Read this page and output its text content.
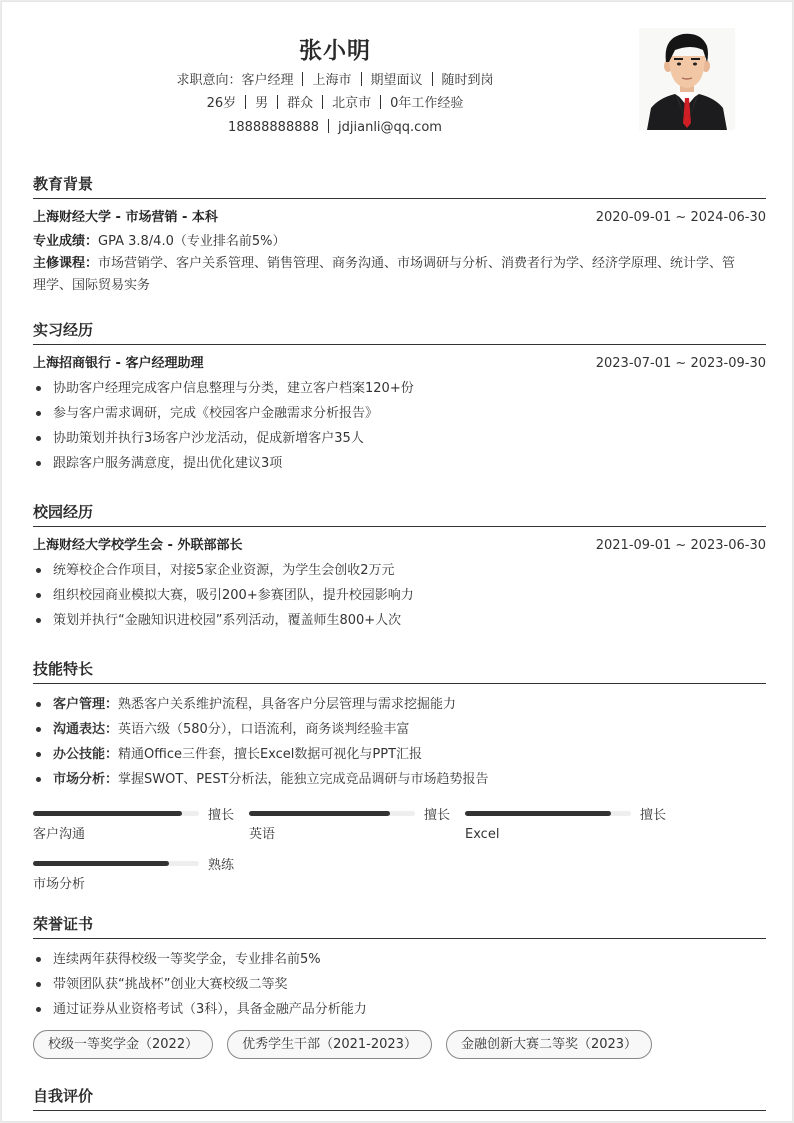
张小明
求职意向：客户经理 上海市 期望面议 随时到岗
26岁 男 群众 北京市 0年工作经验
18888888888 jdjianli@qq.com
教育背景
上海财经大学 - 市场营销 - 本科	2020-09-01 ~ 2024-06-30
专业成绩：GPA 3.8/4.0（专业排名前5%）
主修课程：市场营销学、客户关系管理、销售管理、商务沟通、市场调研与分析、消费者行为学、经济学原理、统计学、管理学、国际贸易实务
实习经历
上海招商银行 - 客户经理助理	2023-07-01 ~ 2023-09-30
协助客户经理完成客户信息整理与分类，建立客户档案120+份
参与客户需求调研，完成《校园客户金融需求分析报告》
协助策划并执行3场客户沙龙活动，促成新增客户35人
跟踪客户服务满意度，提出优化建议3项
校园经历
上海财经大学校学生会 - 外联部部长	2021-09-01 ~ 2023-06-30
统筹校企合作项目，对接5家企业资源，为学生会创收2万元
组织校园商业模拟大赛，吸引200+参赛团队，提升校园影响力
策划并执行“金融知识进校园”系列活动，覆盖师生800+人次
技能特长
客户管理：熟悉客户关系维护流程，具备客户分层管理与需求挖掘能力
沟通表达：英语六级（580分），口语流利，商务谈判经验丰富
办公技能：精通Office三件套，擅长Excel数据可视化与PPT汇报
市场分析：掌握SWOT、PEST分析法，能独立完成竞品调研与市场趋势报告
擅长
客户沟通
擅长
英语
擅长
Excel
熟练
市场分析
荣誉证书
连续两年获得校级一等奖学金，专业排名前5%
带领团队获“挑战杯”创业大赛校级二等奖
通过证券从业资格考试（3科），具备金融产品分析能力
校级一等奖学金（2022）	优秀学生干部（2021-2023）	金融创新大赛二等奖（2023）
自我评价
